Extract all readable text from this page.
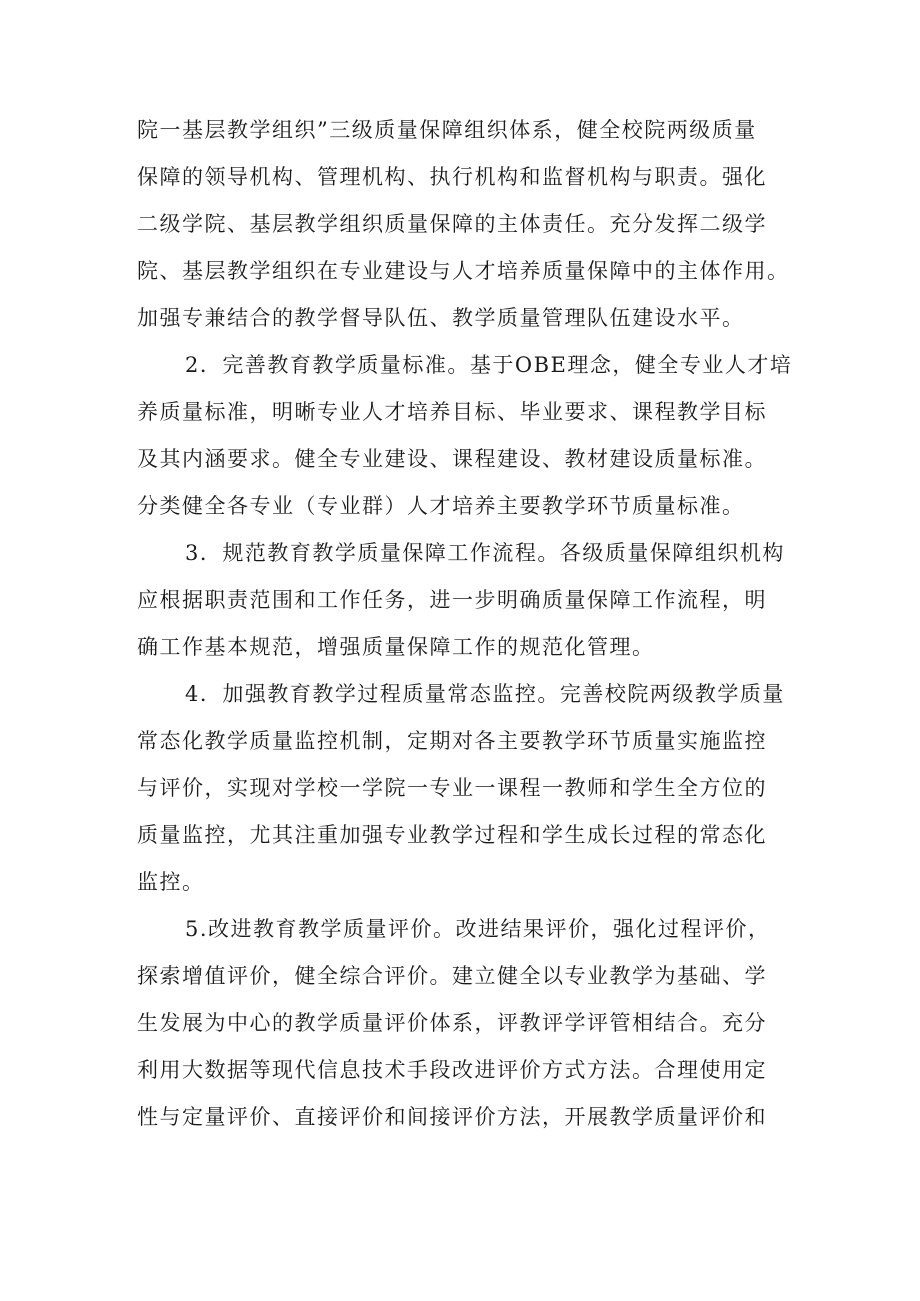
院一基层教学组织”三级质量保障组织体系，健全校院两级质量
保障的领导机构、管理机构、执行机构和监督机构与职责。强化
二级学院、基层教学组织质量保障的主体责任。充分发挥二级学
院、基层教学组织在专业建设与人才培养质量保障中的主体作用。
加强专兼结合的教学督导队伍、教学质量管理队伍建设水平。
2．完善教育教学质量标准。基于OBE理念，健全专业人才培
养质量标准，明晰专业人才培养目标、毕业要求、课程教学目标
及其内涵要求。健全专业建设、课程建设、教材建设质量标准。
分类健全各专业（专业群）人才培养主要教学环节质量标准。
3．规范教育教学质量保障工作流程。各级质量保障组织机构
应根据职责范围和工作任务，进一步明确质量保障工作流程，明
确工作基本规范，增强质量保障工作的规范化管理。
4．加强教育教学过程质量常态监控。完善校院两级教学质量
常态化教学质量监控机制，定期对各主要教学环节质量实施监控
与评价，实现对学校一学院一专业一课程一教师和学生全方位的
质量监控，尤其注重加强专业教学过程和学生成长过程的常态化
监控。
5.改进教育教学质量评价。改进结果评价，强化过程评价，
探索增值评价，健全综合评价。建立健全以专业教学为基础、学
生发展为中心的教学质量评价体系，评教评学评管相结合。充分
利用大数据等现代信息技术手段改进评价方式方法。合理使用定
性与定量评价、直接评价和间接评价方法，开展教学质量评价和
